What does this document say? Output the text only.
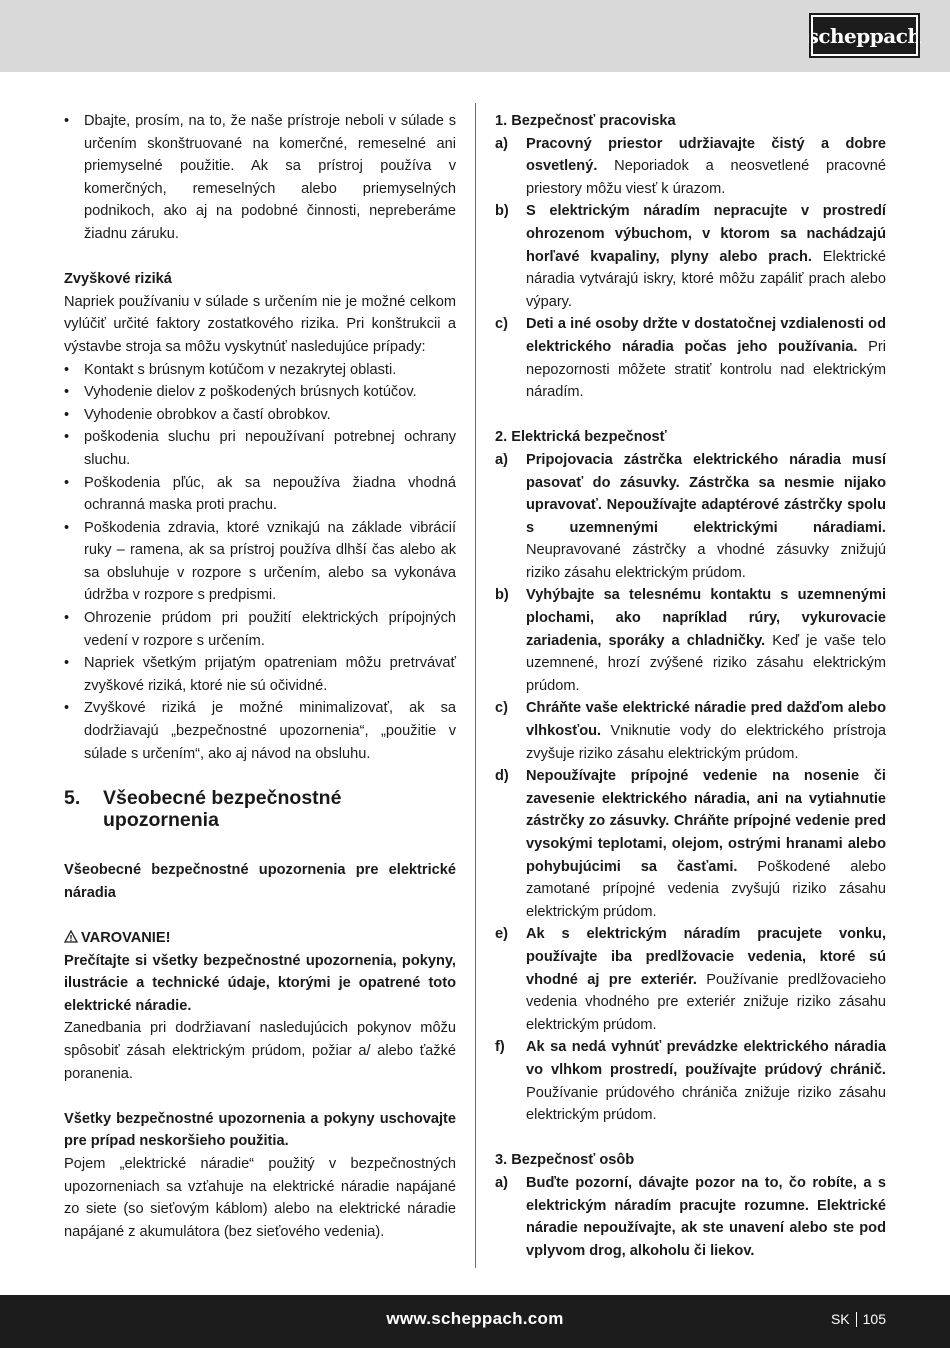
scheppach
• Dbajte, prosím, na to, že naše prístroje neboli v súlade s určením skonštruované na komerčné, remeselné ani priemyselné použitie. Ak sa prístroj používa v komerčných, remeselných alebo priemyselných podnikoch, ako aj na podobné činnosti, nepreberáme žiadnu záruku.

Zvyškové riziká

Napriek používaniu v súlade s určením nie je možné celkom vylúčiť určité faktory zostatkového rizika. Pri konštrukcii a výstavbe stroja sa môžu vyskytnúť nasledujúce prípady:

• Kontakt s brúsnym kotúčom v nezakrytej oblasti.
• Vyhodenie dielov z poškodených brúsnych kotúčov.
• Vyhodenie obrobkov a častí obrobkov.
• poškodenia sluchu pri nepoužívaní potrebnej ochrany sluchu.
• Poškodenia pľúc, ak sa nepoužíva žiadna vhodná ochranná maska proti prachu.
• Poškodenia zdravia, ktoré vznikajú na základe vibrácií ruky – ramena, ak sa prístroj používa dlhší čas alebo ak sa obsluhuje v rozpore s určením, alebo sa vykonáva údržba v rozpore s predpismi.
• Ohrozenie prúdom pri použití elektrických prípojných vedení v rozpore s určením.
• Napriek všetkým prijatým opatreniam môžu pretrvávať zvyškové riziká, ktoré nie sú očividné.
• Zvyškové riziká je možné minimalizovať, ak sa dodržiavajú „bezpečnostné upozornenia“, „použitie v súlade s určením“, ako aj návod na obsluhu.
5.	Všeobecné bezpečnostné upozornenia

Všeobecné bezpečnostné upozornenia pre elektrické náradia

VAROVANIE!

Prečítajte si všetky bezpečnostné upozornenia, pokyny, ilustrácie a technické údaje, ktorými je opatrené toto elektrické náradie.

Zanedbania pri dodržiavaní nasledujúcich pokynov môžu spôsobiť zásah elektrickým prúdom, požiar a/ alebo ťažké poranenia.

Všetky bezpečnostné upozornenia a pokyny uschovajte pre prípad neskoršieho použitia.

Pojem „elektrické náradie“ použitý v bezpečnostných upozorneniach sa vzťahuje na elektrické náradie napájané zo siete (so sieťovým káblom) alebo na elektrické náradie napájané z akumulátora (bez sieťového vedenia).

1. Bezpečnosť pracoviska

a) Pracovný priestor udržiavajte čistý a dobre osvetlený. Neporiadok a neosvetlené pracovné priestory môžu viesť k úrazom.
b) S elektrickým náradím nepracujte v prostredí ohrozenom výbuchom, v ktorom sa nachádzajú horľavé kvapaliny, plyny alebo prach. Elektrické náradia vytvárajú iskry, ktoré môžu zapáliť prach alebo výpary.
c) Deti a iné osoby držte v dostatočnej vzdialenosti od elektrického náradia počas jeho používania. Pri nepozornosti môžete stratiť kontrolu nad elektrickým náradím.

2. Elektrická bezpečnosť

a) Pripojovacia zástrčka elektrického náradia musí pasovať do zásuvky. Zástrčka sa nesmie nijako upravovať. Nepoužívajte adaptérové zástrčky spolu s uzemnenými elektrickými náradiami. Neupravované zástrčky a vhodné zásuvky znižujú riziko zásahu elektrickým prúdom.
b) Vyhýbajte sa telesnému kontaktu s uzemnenými plochami, ako napríklad rúry, vykurovacie zariadenia, sporáky a chladničky. Keď je vaše telo uzemnené, hrozí zvýšené riziko zásahu elektrickým prúdom.
c) Chráňte vaše elektrické náradie pred dažďom alebo vlhkosťou. Vniknutie vody do elektrického prístroja zvyšuje riziko zásahu elektrickým prúdom.
d) Nepoužívajte prípojné vedenie na nosenie či zavesenie elektrického náradia, ani na vytiahnutie zástrčky zo zásuvky. Chráňte prípojné vedenie pred vysokými teplotami, olejom, ostrými hranami alebo pohybujúcimi sa časťami. Poškodené alebo zamotané prípojné vedenia zvyšujú riziko zásahu elektrickým prúdom.
e) Ak s elektrickým náradím pracujete vonku, používajte iba predlžovacie vedenia, ktoré sú vhodné aj pre exteriér. Používanie predlžovacieho vedenia vhodného pre exteriér znižuje riziko zásahu elektrickým prúdom.
f) Ak sa nedá vyhnúť prevádzke elektrického náradia vo vlhkom prostredí, používajte prúdový chránič. Používanie prúdového chrániča znižuje riziko zásahu elektrickým prúdom.

3. Bezpečnosť osôb

a) Buďte pozorní, dávajte pozor na to, čo robíte, a s elektrickým náradím pracujte rozumne. Elektrické náradie nepoužívajte, ak ste unavení alebo ste pod vplyvom drog, alkoholu či liekov.
www.scheppach.com	SK 105
